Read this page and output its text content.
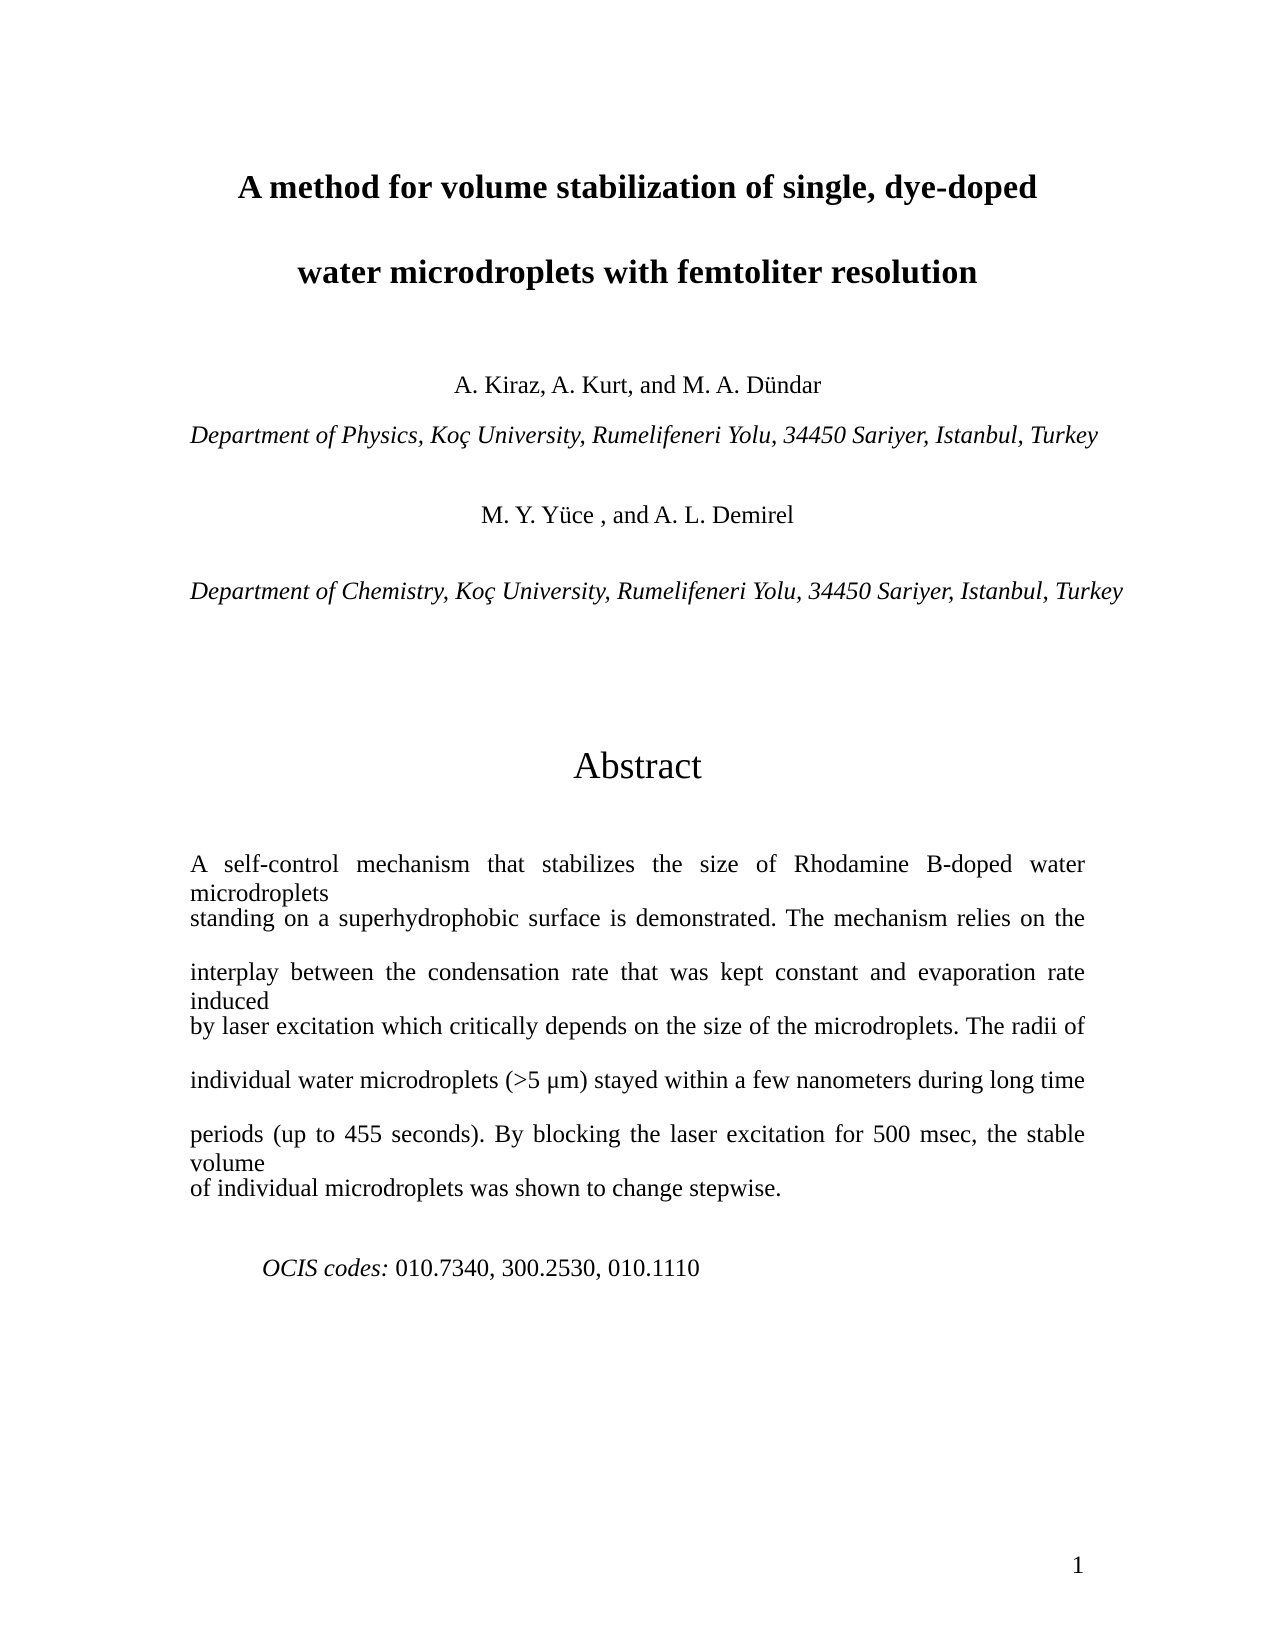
A method for volume stabilization of single, dye-doped
water microdroplets with femtoliter resolution
A. Kiraz, A. Kurt, and M. A. Dündar
Department of Physics, Koç University, Rumelifeneri Yolu, 34450 Sariyer, Istanbul, Turkey
M. Y. Yüce , and A. L. Demirel
Department of Chemistry, Koç University, Rumelifeneri Yolu, 34450 Sariyer, Istanbul, Turkey
Abstract
A self-control mechanism that stabilizes the size of Rhodamine B-doped water microdroplets
standing on a superhydrophobic surface is demonstrated. The mechanism relies on the
interplay between the condensation rate that was kept constant and evaporation rate induced
by laser excitation which critically depends on the size of the microdroplets. The radii of
individual water microdroplets (>5 μm) stayed within a few nanometers during long time
periods (up to 455 seconds). By blocking the laser excitation for 500 msec, the stable volume
of individual microdroplets was shown to change stepwise.
OCIS codes: 010.7340, 300.2530, 010.1110
1
